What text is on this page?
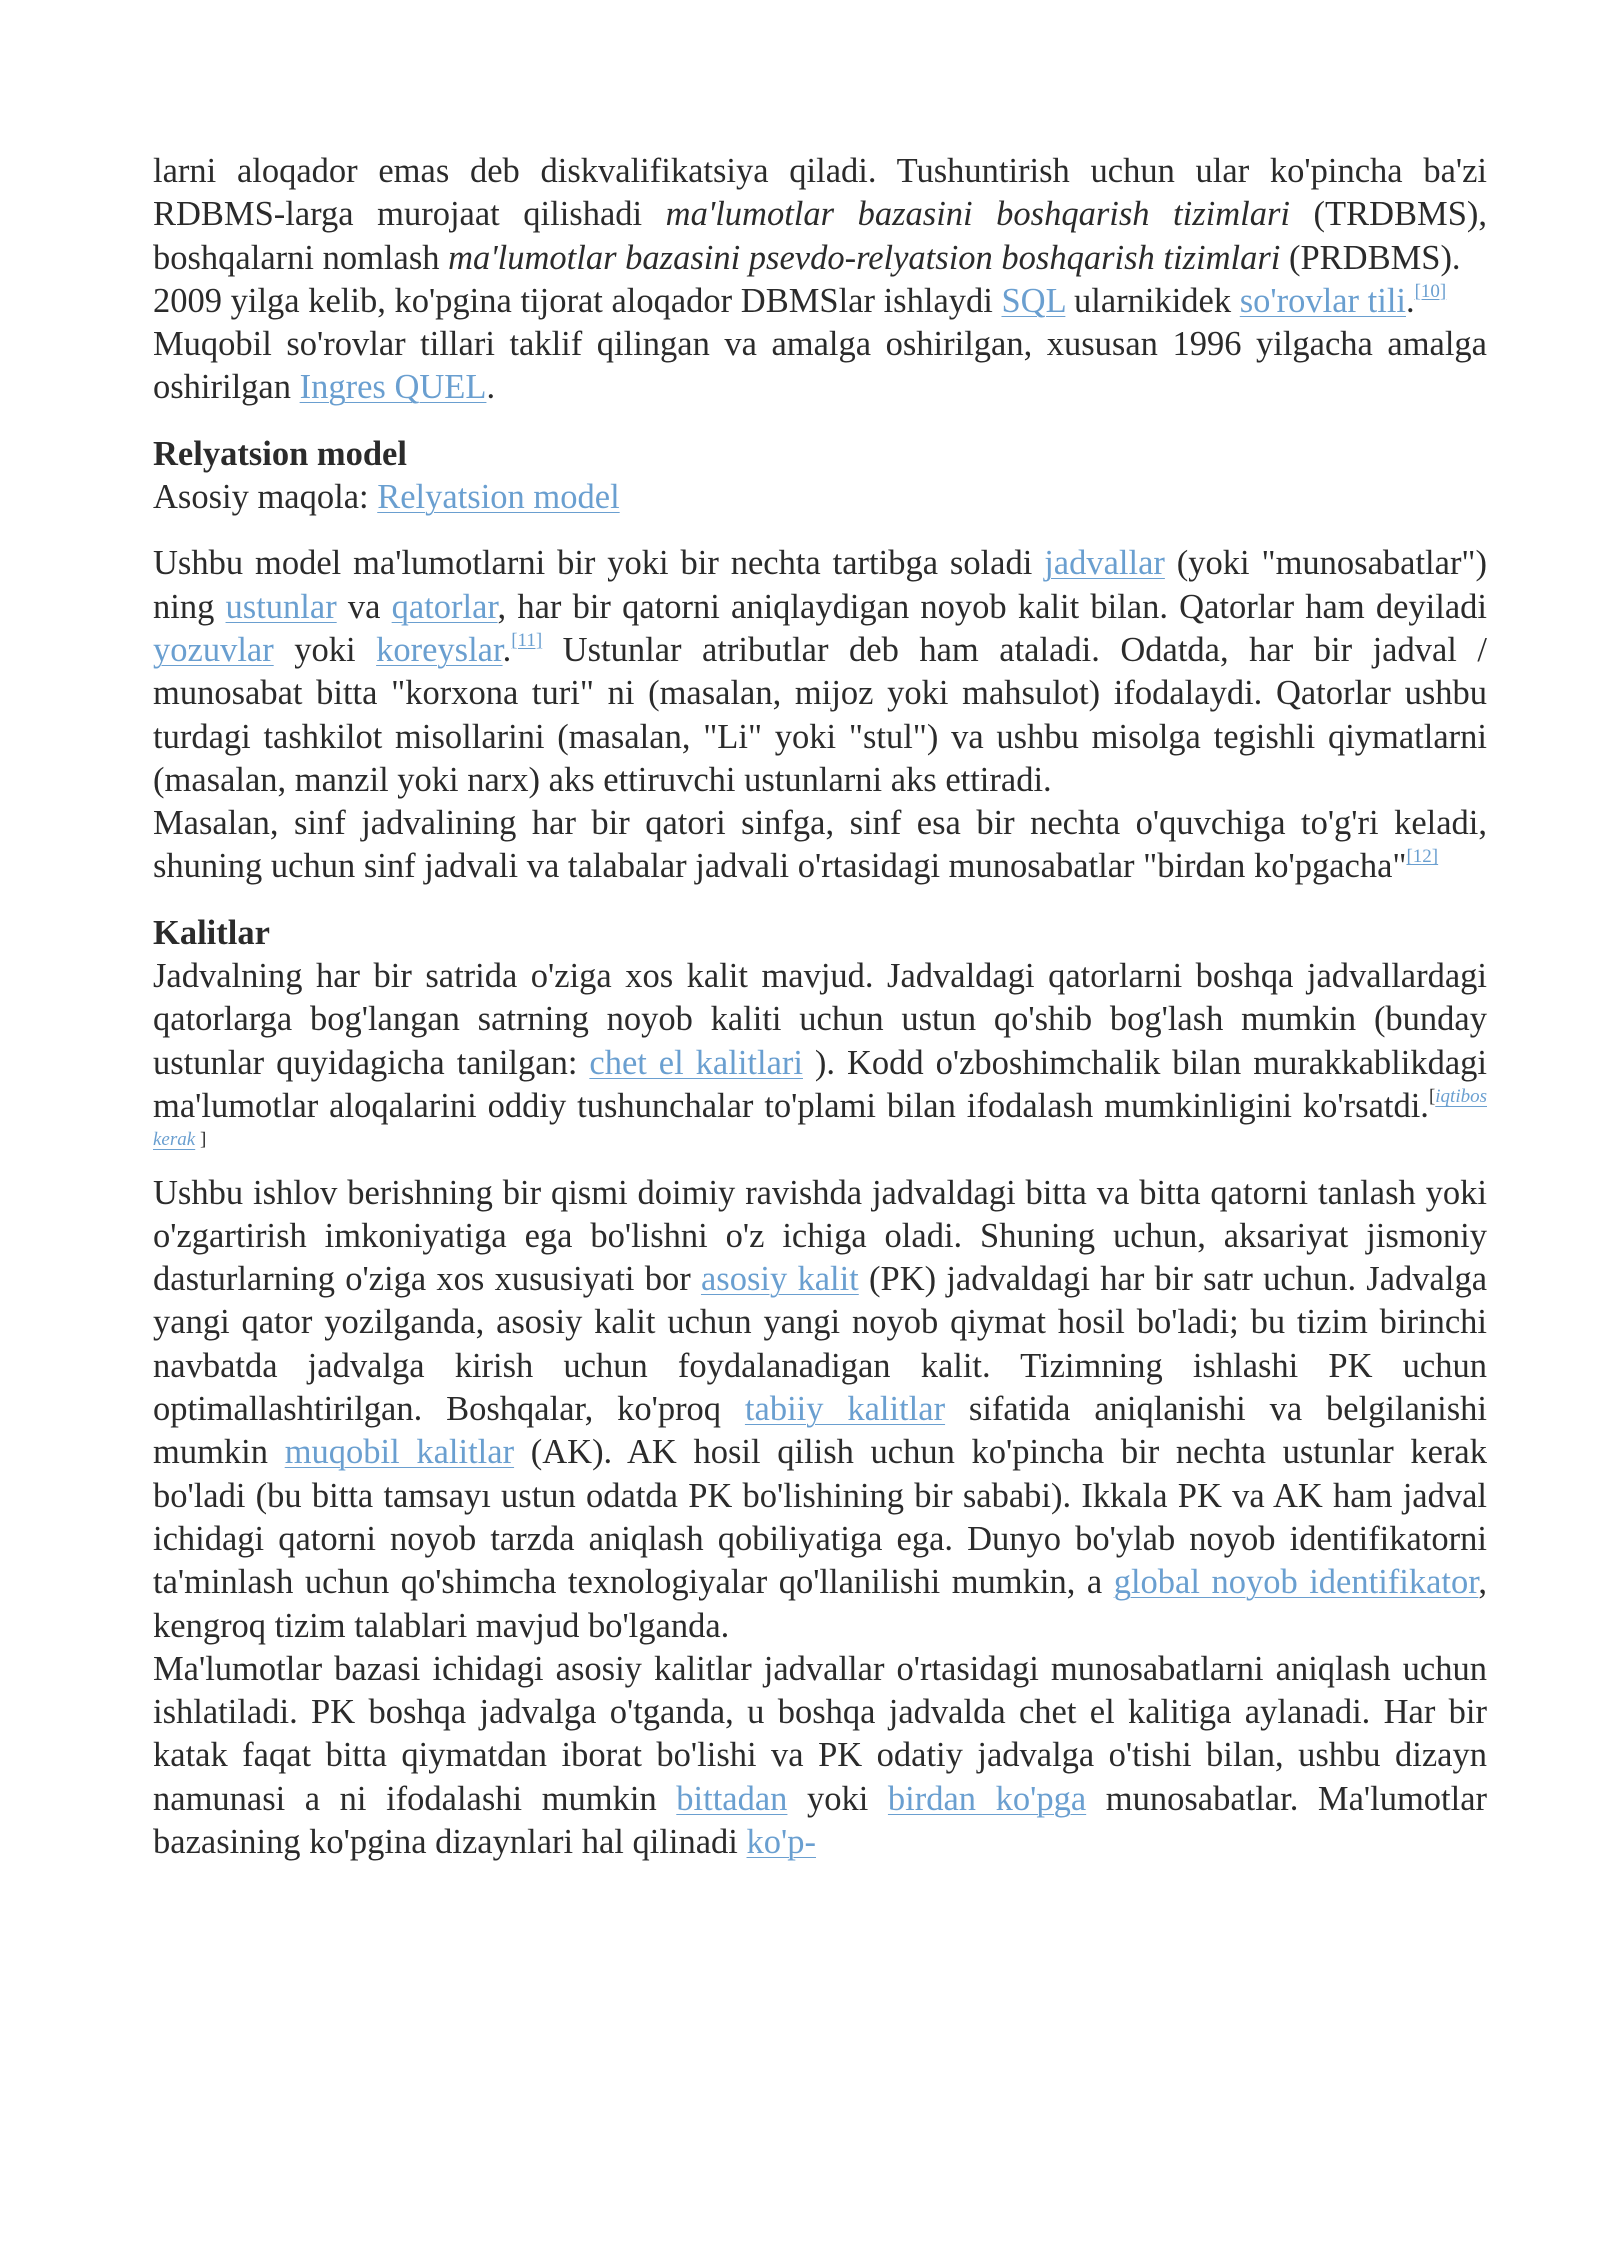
larni aloqador emas deb diskvalifikatsiya qiladi. Tushuntirish uchun ular ko'pincha ba'zi RDBMS-larga murojaat qilishadi ma'lumotlar bazasini boshqarish tizimlari (TRDBMS), boshqalarni nomlash ma'lumotlar bazasini psevdo-relyatsion boshqarish tizimlari (PRDBMS).

2009 yilga kelib, ko'pgina tijorat aloqador DBMSlar ishlaydi SQL ularnikidek so'rovlar tili.[10]

Muqobil so'rovlar tillari taklif qilingan va amalga oshirilgan, xususan 1996 yilgacha amalga oshirilgan Ingres QUEL.

Relyatsion model

Asosiy maqola: Relyatsion model

Ushbu model ma'lumotlarni bir yoki bir nechta tartibga soladi jadvallar (yoki "munosabatlar") ning ustunlar va qatorlar, har bir qatorni aniqlaydigan noyob kalit bilan. Qatorlar ham deyiladi yozuvlar yoki koreyslar.[11] Ustunlar atributlar deb ham ataladi. Odatda, har bir jadval / munosabat bitta "korxona turi" ni (masalan, mijoz yoki mahsulot) ifodalaydi. Qatorlar ushbu turdagi tashkilot misollarini (masalan, "Li" yoki "stul") va ushbu misolga tegishli qiymatlarni (masalan, manzil yoki narx) aks ettiruvchi ustunlarni aks ettiradi.

Masalan, sinf jadvalining har bir qatori sinfga, sinf esa bir nechta o'quvchiga to'g'ri keladi, shuning uchun sinf jadvali va talabalar jadvali o'rtasidagi munosabatlar "birdan ko'pgacha"[12]

Kalitlar

Jadvalning har bir satrida o'ziga xos kalit mavjud. Jadvaldagi qatorlarni boshqa jadvallardagi qatorlarga bog'langan satrning noyob kaliti uchun ustun qo'shib bog'lash mumkin (bunday ustunlar quyidagicha tanilgan: chet el kalitlari ). Kodd o'zboshimchalik bilan murakkablikdagi ma'lumotlar aloqalarini oddiy tushunchalar to'plami bilan ifodalash mumkinligini ko'rsatdi.[iqtibos kerak ]

Ushbu ishlov berishning bir qismi doimiy ravishda jadvaldagi bitta va bitta qatorni tanlash yoki o'zgartirish imkoniyatiga ega bo'lishni o'z ichiga oladi. Shuning uchun, aksariyat jismoniy dasturlarning o'ziga xos xususiyati bor asosiy kalit (PK) jadvaldagi har bir satr uchun. Jadvalga yangi qator yozilganda, asosiy kalit uchun yangi noyob qiymat hosil bo'ladi; bu tizim birinchi navbatda jadvalga kirish uchun foydalanadigan kalit. Tizimning ishlashi PK uchun optimallashtirilgan. Boshqalar, ko'proq tabiiy kalitlar sifatida aniqlanishi va belgilanishi mumkin muqobil kalitlar (AK). AK hosil qilish uchun ko'pincha bir nechta ustunlar kerak bo'ladi (bu bitta tamsayı ustun odatda PK bo'lishining bir sababi). Ikkala PK va AK ham jadval ichidagi qatorni noyob tarzda aniqlash qobiliyatiga ega. Dunyo bo'ylab noyob identifikatorni ta'minlash uchun qo'shimcha texnologiyalar qo'llanilishi mumkin, a global noyob identifikator, kengroq tizim talablari mavjud bo'lganda.

Ma'lumotlar bazasi ichidagi asosiy kalitlar jadvallar o'rtasidagi munosabatlarni aniqlash uchun ishlatiladi. PK boshqa jadvalga o'tganda, u boshqa jadvalda chet el kalitiga aylanadi. Har bir katak faqat bitta qiymatdan iborat bo'lishi va PK odatiy jadvalga o'tishi bilan, ushbu dizayn namunasi a ni ifodalashi mumkin bittadan yoki birdan ko'pga munosabatlar. Ma'lumotlar bazasining ko'pgina dizaynlari hal qilinadi ko'p-
